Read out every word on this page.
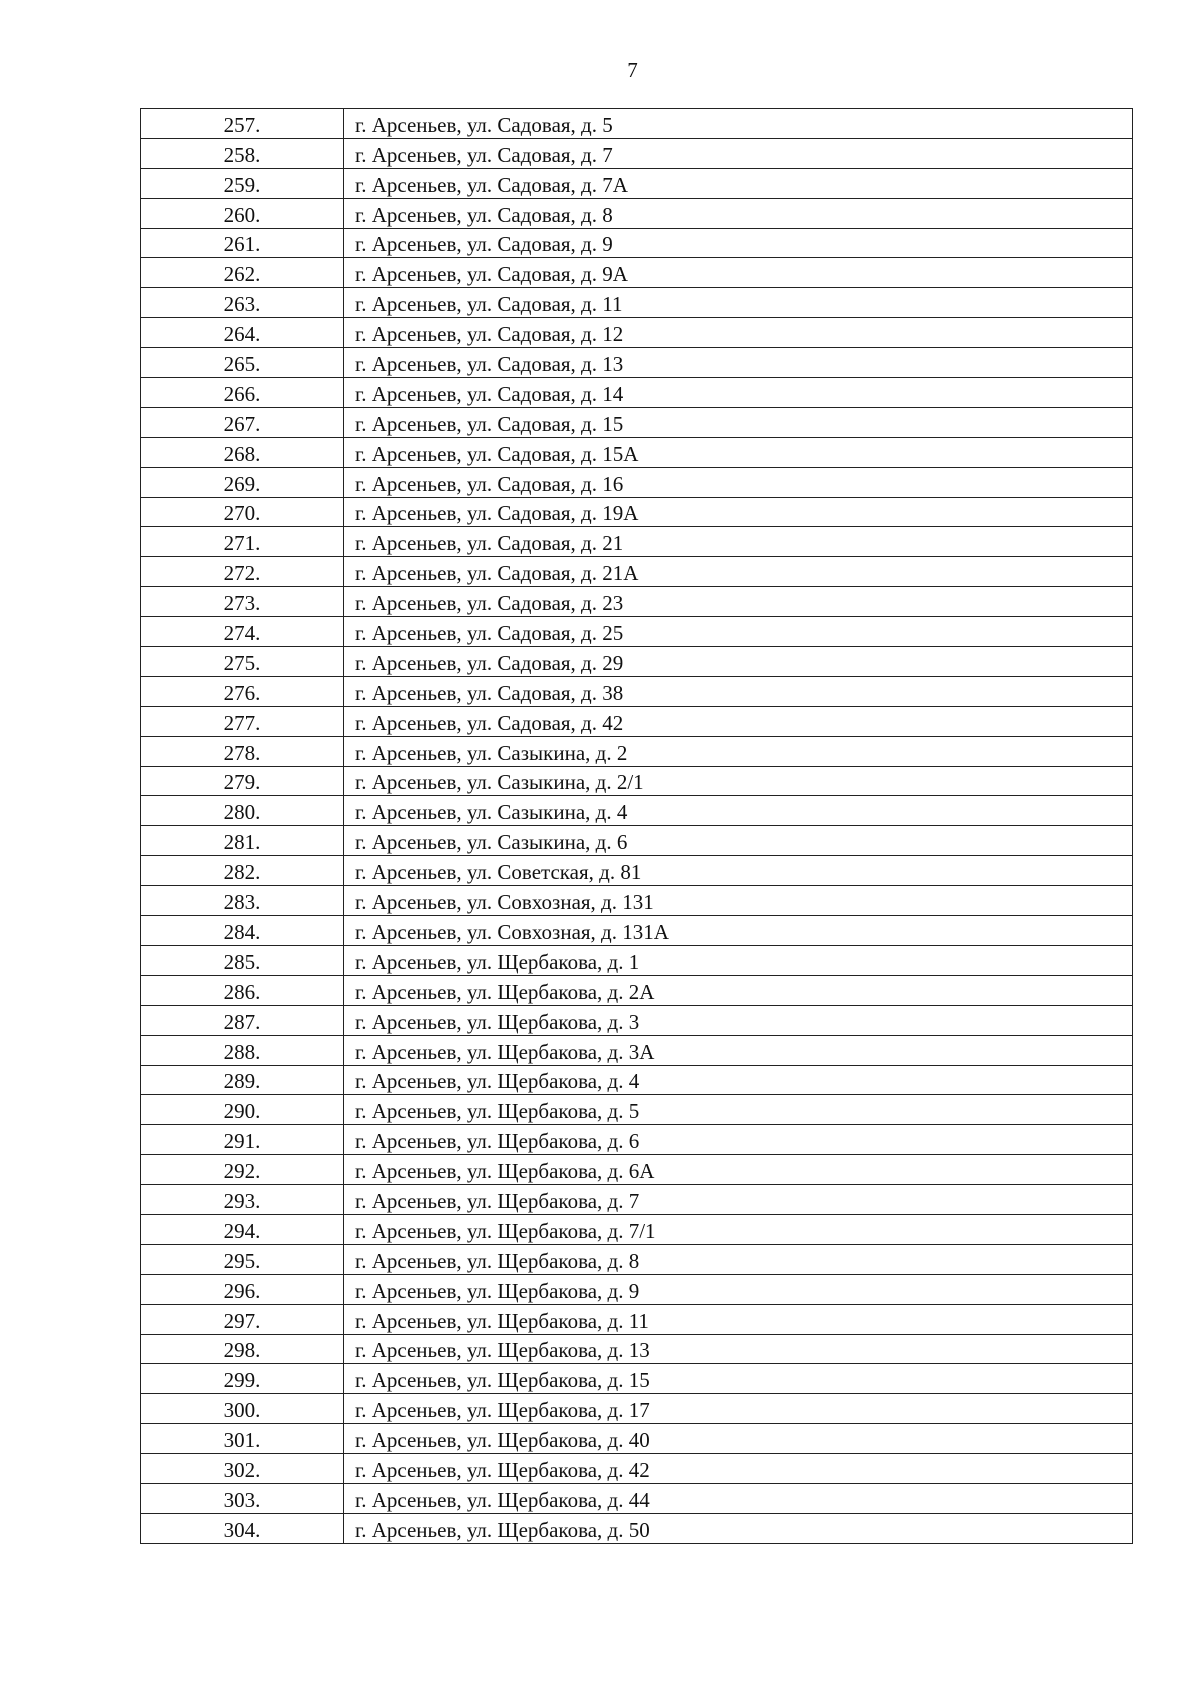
7
257.	г. Арсеньев, ул. Садовая, д. 5
258.	г. Арсеньев, ул. Садовая, д. 7
259.	г. Арсеньев, ул. Садовая, д. 7А
260.	г. Арсеньев, ул. Садовая, д. 8
261.	г. Арсеньев, ул. Садовая, д. 9
262.	г. Арсеньев, ул. Садовая, д. 9А
263.	г. Арсеньев, ул. Садовая, д. 11
264.	г. Арсеньев, ул. Садовая, д. 12
265.	г. Арсеньев, ул. Садовая, д. 13
266.	г. Арсеньев, ул. Садовая, д. 14
267.	г. Арсеньев, ул. Садовая, д. 15
268.	г. Арсеньев, ул. Садовая, д. 15А
269.	г. Арсеньев, ул. Садовая, д. 16
270.	г. Арсеньев, ул. Садовая, д. 19А
271.	г. Арсеньев, ул. Садовая, д. 21
272.	г. Арсеньев, ул. Садовая, д. 21А
273.	г. Арсеньев, ул. Садовая, д. 23
274.	г. Арсеньев, ул. Садовая, д. 25
275.	г. Арсеньев, ул. Садовая, д. 29
276.	г. Арсеньев, ул. Садовая, д. 38
277.	г. Арсеньев, ул. Садовая, д. 42
278.	г. Арсеньев, ул. Сазыкина, д. 2
279.	г. Арсеньев, ул. Сазыкина, д. 2/1
280.	г. Арсеньев, ул. Сазыкина, д. 4
281.	г. Арсеньев, ул. Сазыкина, д. 6
282.	г. Арсеньев, ул. Советская, д. 81
283.	г. Арсеньев, ул. Совхозная, д. 131
284.	г. Арсеньев, ул. Совхозная, д. 131А
285.	г. Арсеньев, ул. Щербакова, д. 1
286.	г. Арсеньев, ул. Щербакова, д. 2А
287.	г. Арсеньев, ул. Щербакова, д. 3
288.	г. Арсеньев, ул. Щербакова, д. 3А
289.	г. Арсеньев, ул. Щербакова, д. 4
290.	г. Арсеньев, ул. Щербакова, д. 5
291.	г. Арсеньев, ул. Щербакова, д. 6
292.	г. Арсеньев, ул. Щербакова, д. 6А
293.	г. Арсеньев, ул. Щербакова, д. 7
294.	г. Арсеньев, ул. Щербакова, д. 7/1
295.	г. Арсеньев, ул. Щербакова, д. 8
296.	г. Арсеньев, ул. Щербакова, д. 9
297.	г. Арсеньев, ул. Щербакова, д. 11
298.	г. Арсеньев, ул. Щербакова, д. 13
299.	г. Арсеньев, ул. Щербакова, д. 15
300.	г. Арсеньев, ул. Щербакова, д. 17
301.	г. Арсеньев, ул. Щербакова, д. 40
302.	г. Арсеньев, ул. Щербакова, д. 42
303.	г. Арсеньев, ул. Щербакова, д. 44
304.	г. Арсеньев, ул. Щербакова, д. 50
